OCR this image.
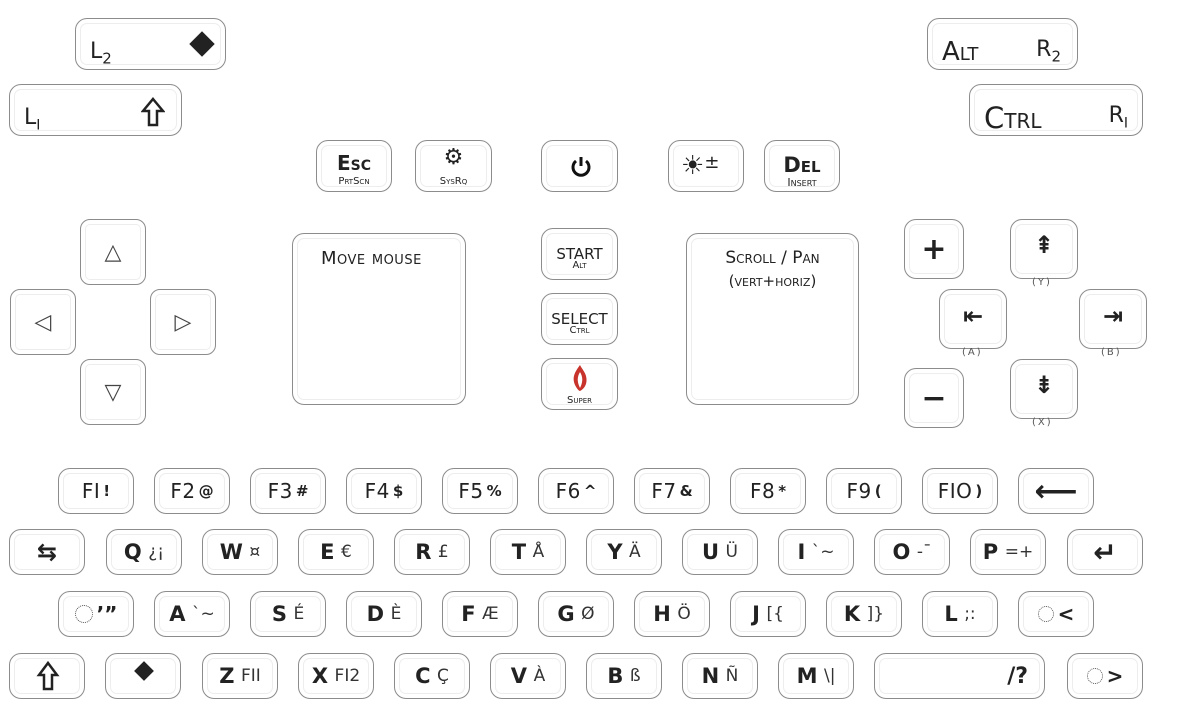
$L_2$
$L_I$
Alt	$R_2$
Ctrl	$R_I$
Esc
PrtScn
⚙
SysRq
☀±	Del
Insert
△
◁	▷
▽
Move mouse	Scroll / Pan
(vert+horiz)
START
Alt
SELECT
Ctrl
Super
+	⇞
(Y)
⇤
(A)
⇥
(B)
−	⇟
(X)
FI !	F2 @	F3 #	F4 $	F5 %	F6 ^	F7 &	F8 *	F9 (	FIO )	⟵
⇆	Q ¿¡	W ¤	E €	R £	T Å	Y Ä	U Ü	I `~	O -¯ P =+	↵
’” A `~	S É	D È	F Æ	G Ø	H Ö	J [{	K ]}	L ;:	<
Z FII X FI2	C Ç	V À	B ß	N Ñ	M \|	/?	>
